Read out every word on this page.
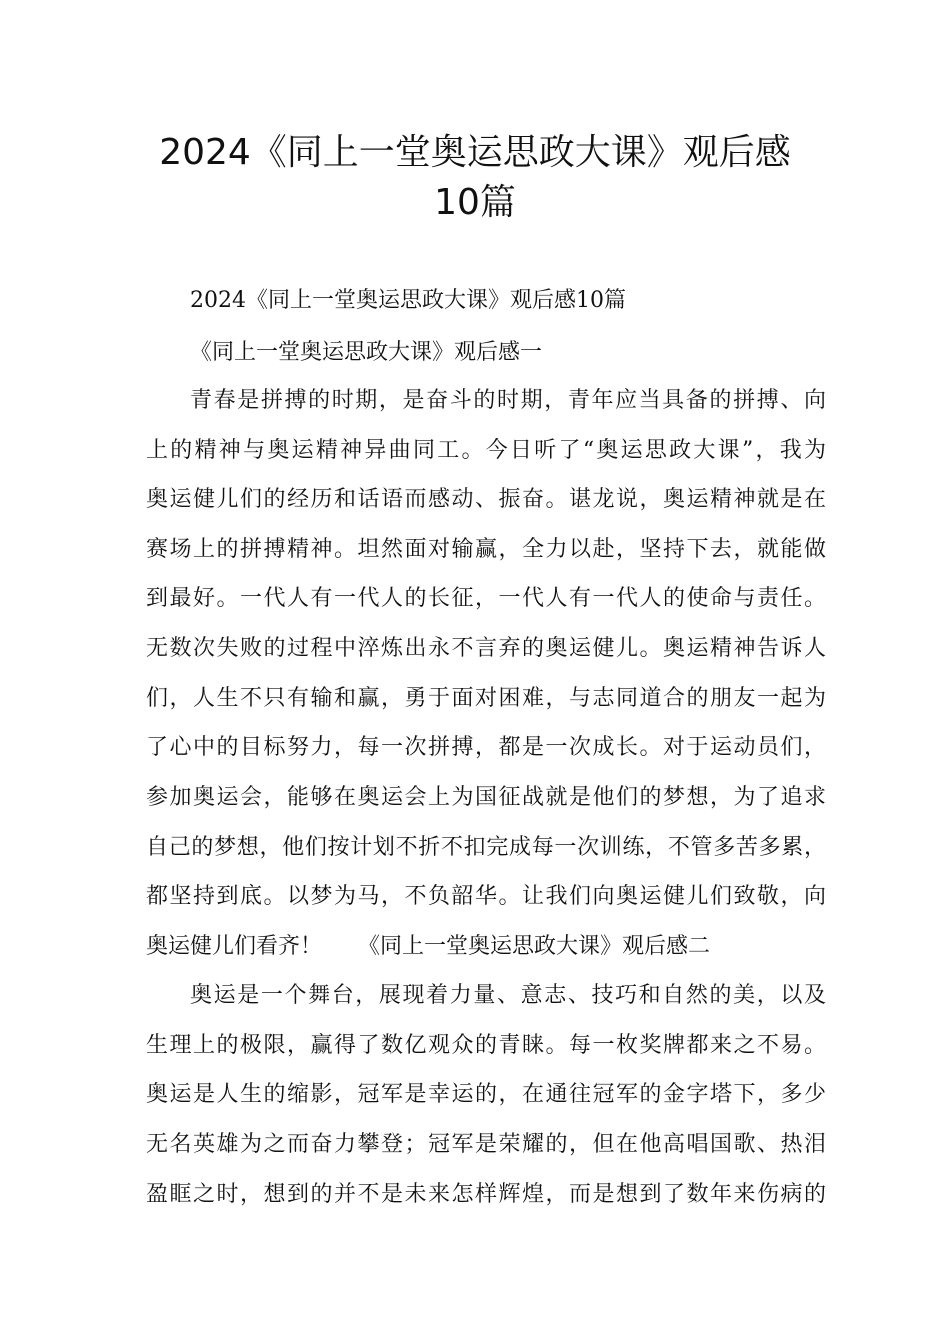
2024《同上一堂奥运思政大课》观后感
10篇
2024《同上一堂奥运思政大课》观后感10篇
《同上一堂奥运思政大课》观后感一
青春是拼搏的时期，是奋斗的时期，青年应当具备的拼搏、向
上的精神与奥运精神异曲同工。今日听了“奥运思政大课”，我为
奥运健儿们的经历和话语而感动、振奋。谌龙说，奥运精神就是在
赛场上的拼搏精神。坦然面对输赢，全力以赴，坚持下去，就能做
到最好。一代人有一代人的长征，一代人有一代人的使命与责任。
无数次失败的过程中淬炼出永不言弃的奥运健儿。奥运精神告诉人
们，人生不只有输和赢，勇于面对困难，与志同道合的朋友一起为
了心中的目标努力，每一次拼搏，都是一次成长。对于运动员们，
参加奥运会，能够在奥运会上为国征战就是他们的梦想，为了追求
自己的梦想，他们按计划不折不扣完成每一次训练，不管多苦多累，
都坚持到底。以梦为马，不负韶华。让我们向奥运健儿们致敬，向
奥运健儿们看齐！ 《同上一堂奥运思政大课》观后感二
奥运是一个舞台，展现着力量、意志、技巧和自然的美，以及
生理上的极限，赢得了数亿观众的青睐。每一枚奖牌都来之不易。
奥运是人生的缩影，冠军是幸运的，在通往冠军的金字塔下，多少
无名英雄为之而奋力攀登；冠军是荣耀的，但在他高唱国歌、热泪
盈眶之时，想到的并不是未来怎样辉煌，而是想到了数年来伤病的
